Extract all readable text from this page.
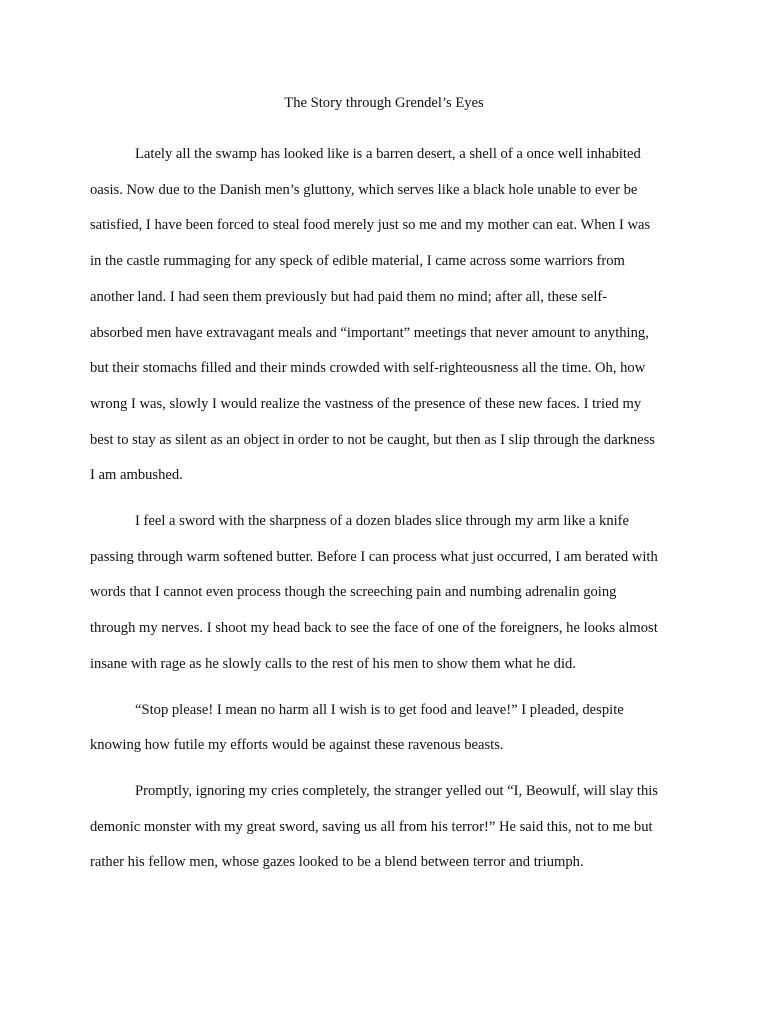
The Story through Grendel’s Eyes

Lately all the swamp has looked like is a barren desert, a shell of a once well inhabited
oasis. Now due to the Danish men’s gluttony, which serves like a black hole unable to ever be
satisfied, I have been forced to steal food merely just so me and my mother can eat. When I was
in the castle rummaging for any speck of edible material, I came across some warriors from
another land. I had seen them previously but had paid them no mind; after all, these self-
absorbed men have extravagant meals and “important” meetings that never amount to anything,
but their stomachs filled and their minds crowded with self-righteousness all the time. Oh, how
wrong I was, slowly I would realize the vastness of the presence of these new faces. I tried my
best to stay as silent as an object in order to not be caught, but then as I slip through the darkness
I am ambushed.

I feel a sword with the sharpness of a dozen blades slice through my arm like a knife
passing through warm softened butter. Before I can process what just occurred, I am berated with
words that I cannot even process though the screeching pain and numbing adrenalin going
through my nerves. I shoot my head back to see the face of one of the foreigners, he looks almost
insane with rage as he slowly calls to the rest of his men to show them what he did.

“Stop please! I mean no harm all I wish is to get food and leave!” I pleaded, despite
knowing how futile my efforts would be against these ravenous beasts.

Promptly, ignoring my cries completely, the stranger yelled out “I, Beowulf, will slay this
demonic monster with my great sword, saving us all from his terror!” He said this, not to me but
rather his fellow men, whose gazes looked to be a blend between terror and triumph.
